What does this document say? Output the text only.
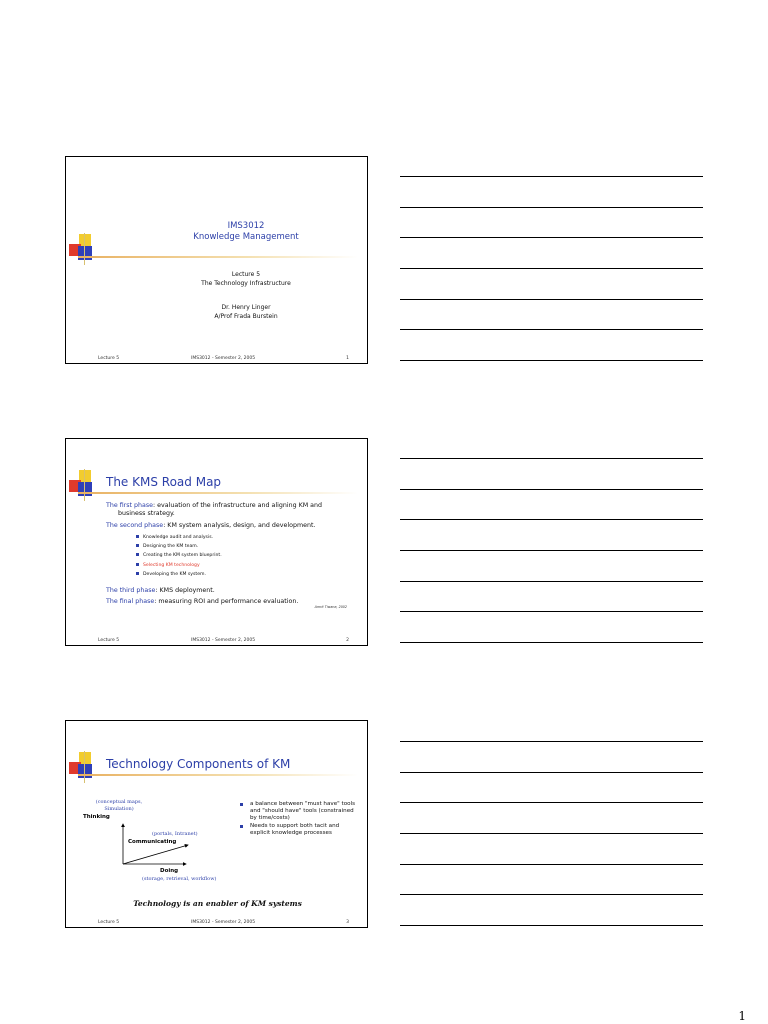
IMS3012
Knowledge Management
Lecture 5
The Technology Infrastructure
Dr. Henry Linger
A/Prof Frada Burstein
Lecture 5	IMS3012 - Semester 2, 2005	1
The KMS Road Map
The first phase: evaluation of the infrastructure and aligning KM and
business strategy.
The second phase: KM system analysis, design, and development.
Knowledge audit and analysis.
Designing the KM team.
Creating the KM system blueprint.
Selecting KM technology
Developing the KM system.
The third phase: KMS deployment.
The final phase: measuring ROI and performance evaluation.
Amrit Tiwana, 2002
Lecture 5	IMS3012 - Semester 2, 2005	2
Technology Components of KM
(conceptual maps,
Simulation)
Thinking
(portals, Intranet)
Communicating
Doing
(storage, retrieval, workflow)
a balance between "must have" tools and "should have" tools (constrained by time/costs)
Needs to support both tacit and explicit knowledge processes
Technology is an enabler of KM systems
Lecture 5	IMS3012 - Semester 2, 2005	3
1
